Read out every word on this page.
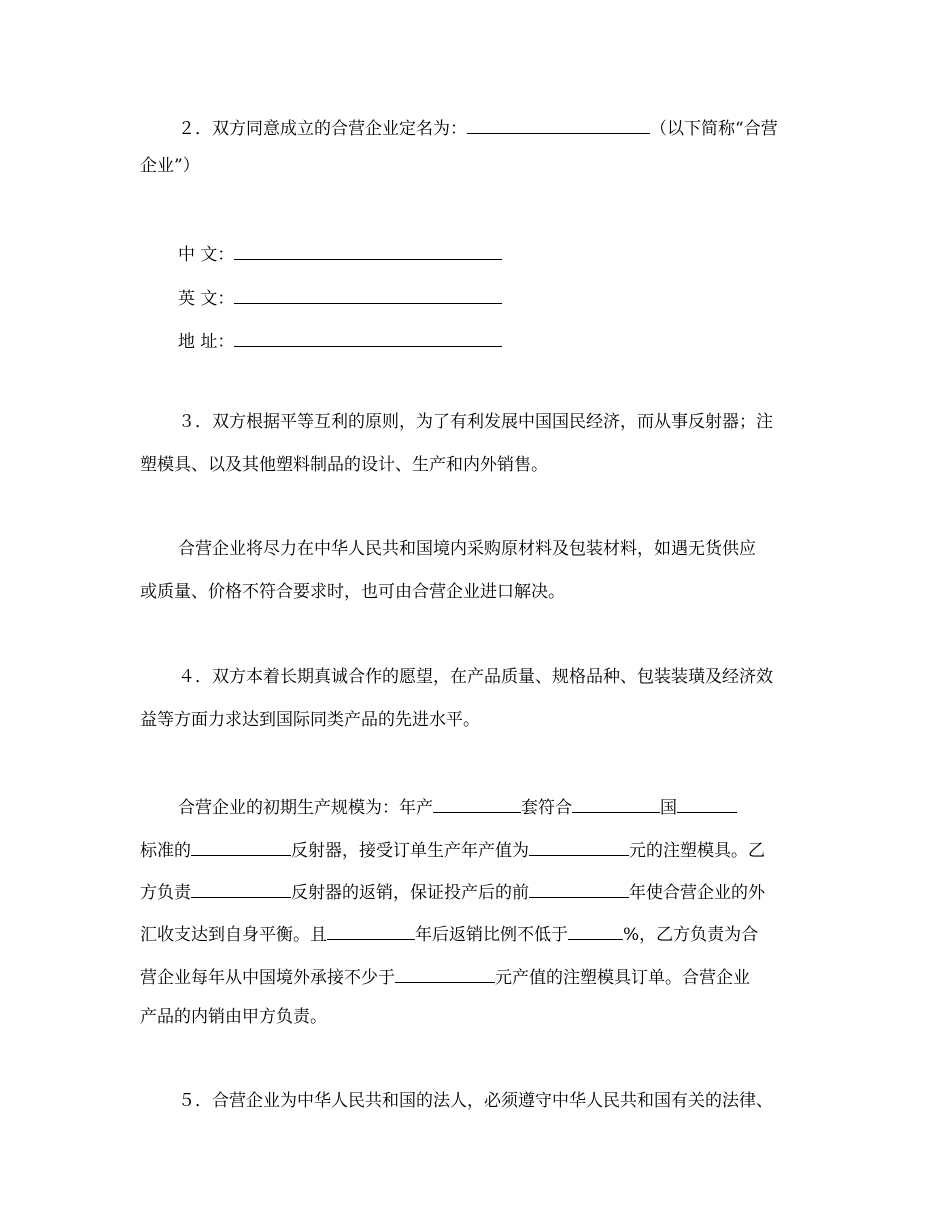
２．双方同意成立的合营企业定名为：	（以下简称“合营
企业”）
中 文：
英 文：
地 址：
３．双方根据平等互利的原则，为了有利发展中国国民经济，而从事反射器；注
塑模具、以及其他塑料制品的设计、生产和内外销售。
合营企业将尽力在中华人民共和国境内采购原材料及包装材料，如遇无货供应
或质量、价格不符合要求时，也可由合营企业进口解决。
４．双方本着长期真诚合作的愿望，在产品质量、规格品种、包装装璜及经济效
益等方面力求达到国际同类产品的先进水平。
合营企业的初期生产规模为：年产	套符合	国
标准的	反射器，接受订单生产年产值为	元的注塑模具。乙
方负责	反射器的返销，保证投产后的前	年使合营企业的外
汇收支达到自身平衡。且	年后返销比例不低于	%，乙方负责为合
营企业每年从中国境外承接不少于	元产值的注塑模具订单。合营企业
产品的内销由甲方负责。
５．合营企业为中华人民共和国的法人，必须遵守中华人民共和国有关的法律、
